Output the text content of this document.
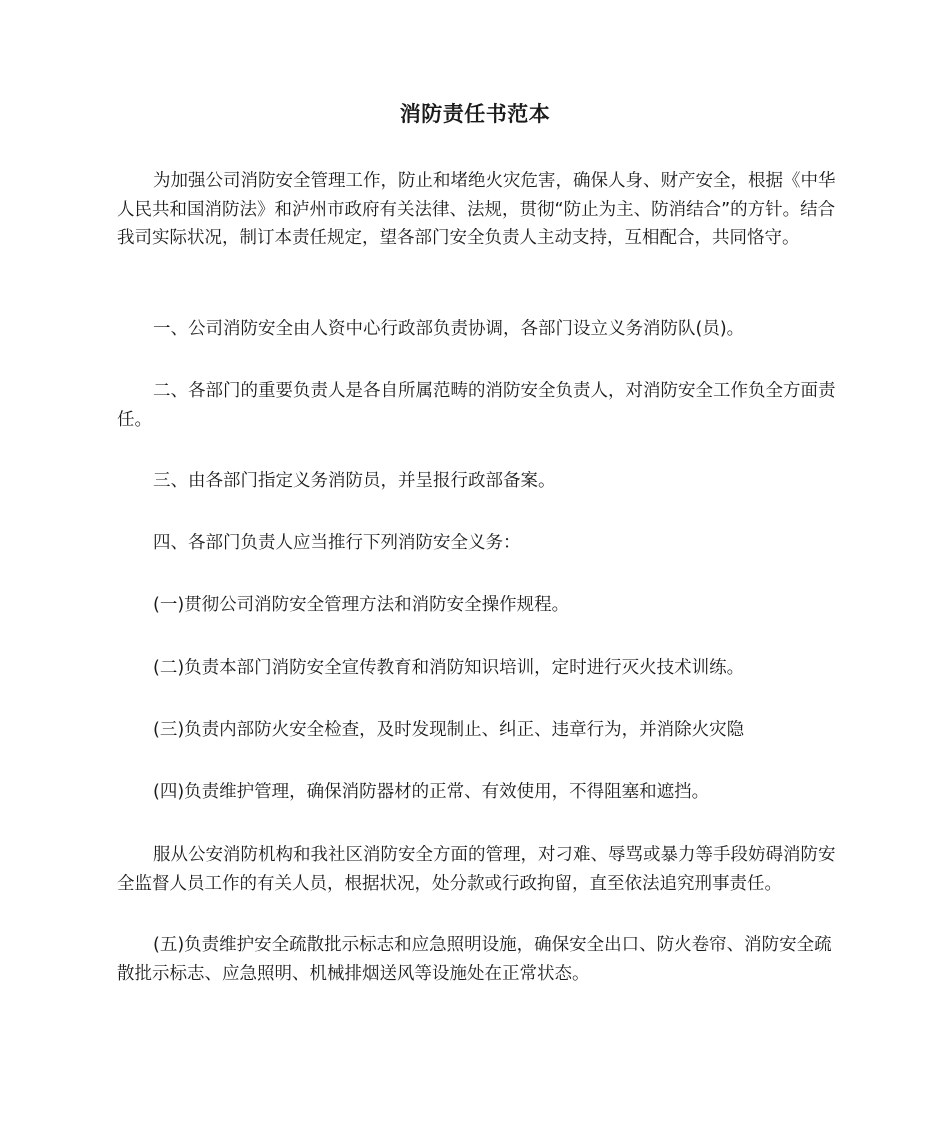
消防责任书范本

为加强公司消防安全管理工作，防止和堵绝火灾危害，确保人身、财产安全，根据《中华人民共和国消防法》和泸州市政府有关法律、法规，贯彻“防止为主、防消结合”的方针。结合我司实际状况，制订本责任规定，望各部门安全负责人主动支持，互相配合，共同恪守。

一、公司消防安全由人资中心行政部负责协调，各部门设立义务消防队(员)。

二、各部门的重要负责人是各自所属范畴的消防安全负责人，对消防安全工作负全方面责任。

三、由各部门指定义务消防员，并呈报行政部备案。

四、各部门负责人应当推行下列消防安全义务：

(一)贯彻公司消防安全管理方法和消防安全操作规程。

(二)负责本部门消防安全宣传教育和消防知识培训，定时进行灭火技术训练。

(三)负责内部防火安全检查，及时发现制止、纠正、违章行为，并消除火灾隐

(四)负责维护管理，确保消防器材的正常、有效使用，不得阻塞和遮挡。

服从公安消防机构和我社区消防安全方面的管理，对刁难、辱骂或暴力等手段妨碍消防安全监督人员工作的有关人员，根据状况，处分款或行政拘留，直至依法追究刑事责任。

(五)负责维护安全疏散批示标志和应急照明设施，确保安全出口、防火卷帘、消防安全疏散批示标志、应急照明、机械排烟送风等设施处在正常状态。
